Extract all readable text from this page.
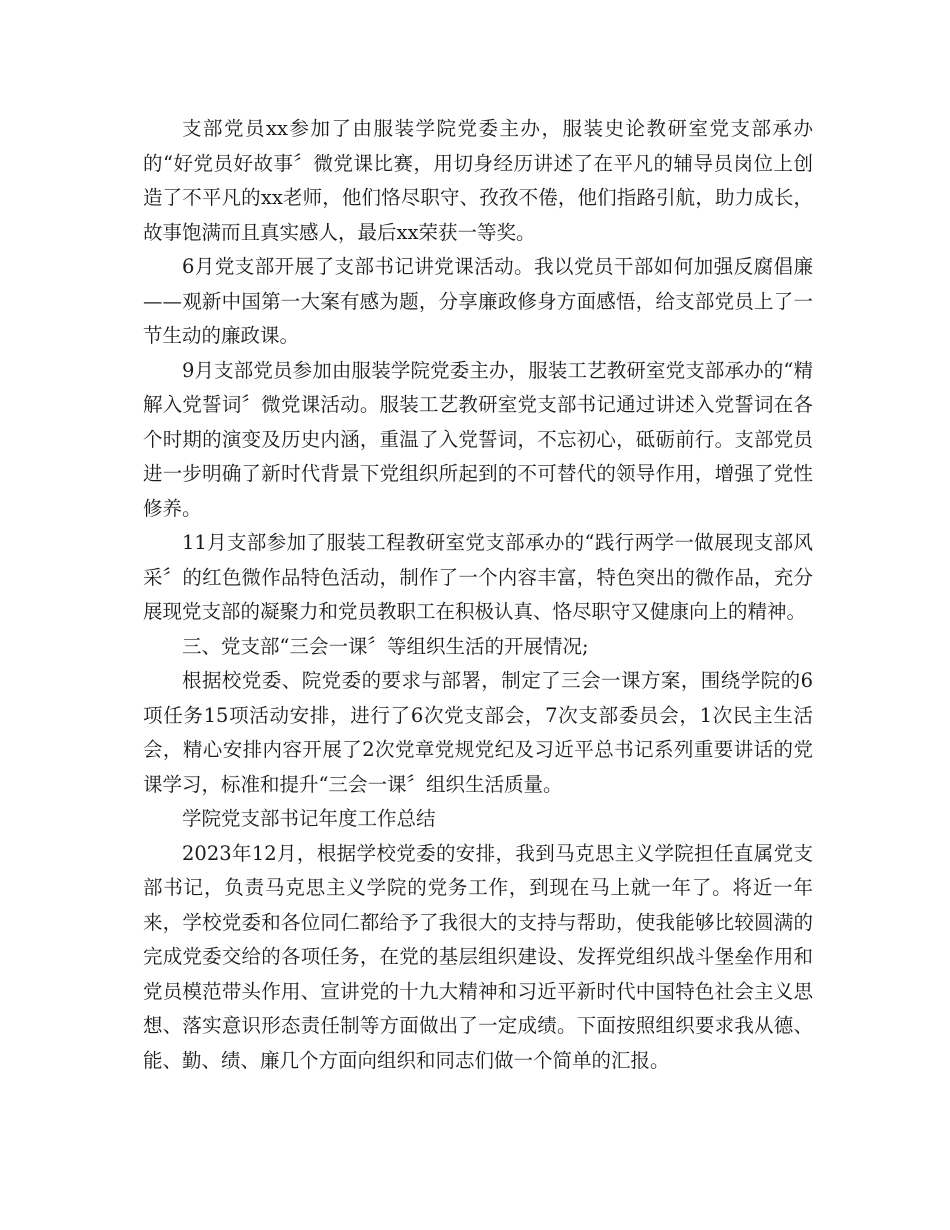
支部党员xx参加了由服装学院党委主办，服装史论教研室党支部承办的“好党员好故事〞微党课比赛，用切身经历讲述了在平凡的辅导员岗位上创造了不平凡的xx老师，他们恪尽职守、孜孜不倦，他们指路引航，助力成长，故事饱满而且真实感人，最后xx荣获一等奖。

6月党支部开展了支部书记讲党课活动。我以党员干部如何加强反腐倡廉——观新中国第一大案有感为题，分享廉政修身方面感悟，给支部党员上了一节生动的廉政课。

9月支部党员参加由服装学院党委主办，服装工艺教研室党支部承办的“精解入党誓词〞微党课活动。服装工艺教研室党支部书记通过讲述入党誓词在各个时期的演变及历史内涵，重温了入党誓词，不忘初心，砥砺前行。支部党员进一步明确了新时代背景下党组织所起到的不可替代的领导作用，增强了党性修养。

11月支部参加了服装工程教研室党支部承办的“践行两学一做展现支部风采〞的红色微作品特色活动，制作了一个内容丰富，特色突出的微作品，充分展现党支部的凝聚力和党员教职工在积极认真、恪尽职守又健康向上的精神。

三、党支部“三会一课〞等组织生活的开展情况;

根据校党委、院党委的要求与部署，制定了三会一课方案，围绕学院的6项任务15项活动安排，进行了6次党支部会，7次支部委员会，1次民主生活会，精心安排内容开展了2次党章党规党纪及习近平总书记系列重要讲话的党课学习，标准和提升“三会一课〞组织生活质量。

学院党支部书记年度工作总结

2023年12月，根据学校党委的安排，我到马克思主义学院担任直属党支部书记，负责马克思主义学院的党务工作，到现在马上就一年了。将近一年来，学校党委和各位同仁都给予了我很大的支持与帮助，使我能够比较圆满的完成党委交给的各项任务，在党的基层组织建设、发挥党组织战斗堡垒作用和党员模范带头作用、宣讲党的十九大精神和习近平新时代中国特色社会主义思想、落实意识形态责任制等方面做出了一定成绩。下面按照组织要求我从德、能、勤、绩、廉几个方面向组织和同志们做一个简单的汇报。
